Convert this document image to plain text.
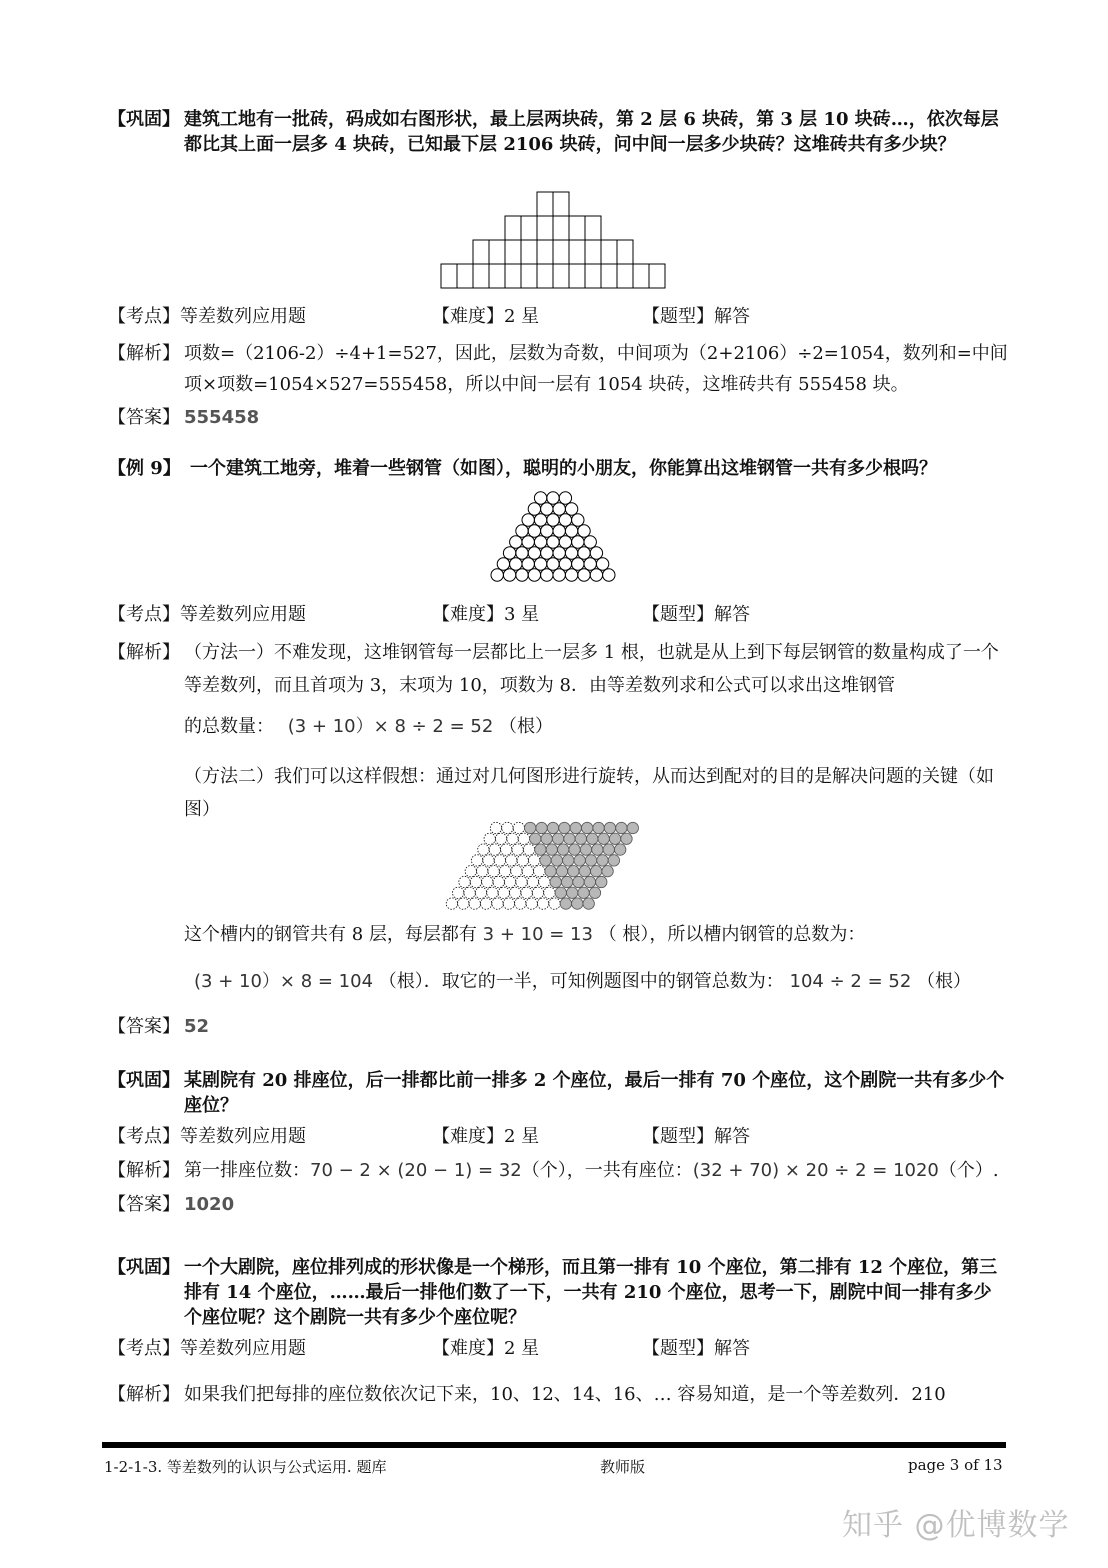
【巩固】 建筑工地有一批砖，码成如右图形状，最上层两块砖，第 2 层 6 块砖，第 3 层 10 块砖…，依次每层都比其上面一层多 4 块砖，已知最下层 2106 块砖，问中间一层多少块砖？这堆砖共有多少块？
【考点】等差数列应用题	【难度】2 星	【题型】解答
【解析】 项数=（2106-2）÷4+1=527，因此，层数为奇数，中间项为（2+2106）÷2=1054，数列和=中间项×项数=1054×527=555458，所以中间一层有 1054 块砖，这堆砖共有 555458 块。
【答案】 555458
【例 9】 一个建筑工地旁，堆着一些钢管（如图），聪明的小朋友，你能算出这堆钢管一共有多少根吗？
【考点】等差数列应用题	【难度】3 星	【题型】解答
【解析】 （方法一）不难发现，这堆钢管每一层都比上一层多 1 根，也就是从上到下每层钢管的数量构成了一个等差数列，而且首项为 3，末项为 10，项数为 8．由等差数列求和公式可以求出这堆钢管
的总数量： (3 + 10）× 8 ÷ 2 = 52 （根）
（方法二）我们可以这样假想：通过对几何图形进行旋转，从而达到配对的目的是解决问题的关键（如图）
这个槽内的钢管共有 8 层，每层都有 3 + 10 = 13 （ 根），所以槽内钢管的总数为：
(3 + 10）× 8 = 104 （根）．取它的一半，可知例题图中的钢管总数为： 104 ÷ 2 = 52 （根）
【答案】 52
【巩固】 某剧院有 20 排座位，后一排都比前一排多 2 个座位，最后一排有 70 个座位，这个剧院一共有多少个座位？
【考点】等差数列应用题	【难度】2 星	【题型】解答
【解析】 第一排座位数：70 − 2 × (20 − 1) = 32（个），一共有座位：(32 + 70) × 20 ÷ 2 = 1020（个）.
【答案】 1020
【巩固】 一个大剧院，座位排列成的形状像是一个梯形，而且第一排有 10 个座位，第二排有 12 个座位，第三排有 14 个座位，……最后一排他们数了一下，一共有 210 个座位，思考一下，剧院中间一排有多少个座位呢？这个剧院一共有多少个座位呢？
【考点】等差数列应用题	【难度】2 星	【题型】解答
【解析】 如果我们把每排的座位数依次记下来，10、12、14、16、… 容易知道，是一个等差数列．210
1-2-1-3. 等差数列的认识与公式运用. 题库	教师版	page 3 of 13
知乎 @优博数学
